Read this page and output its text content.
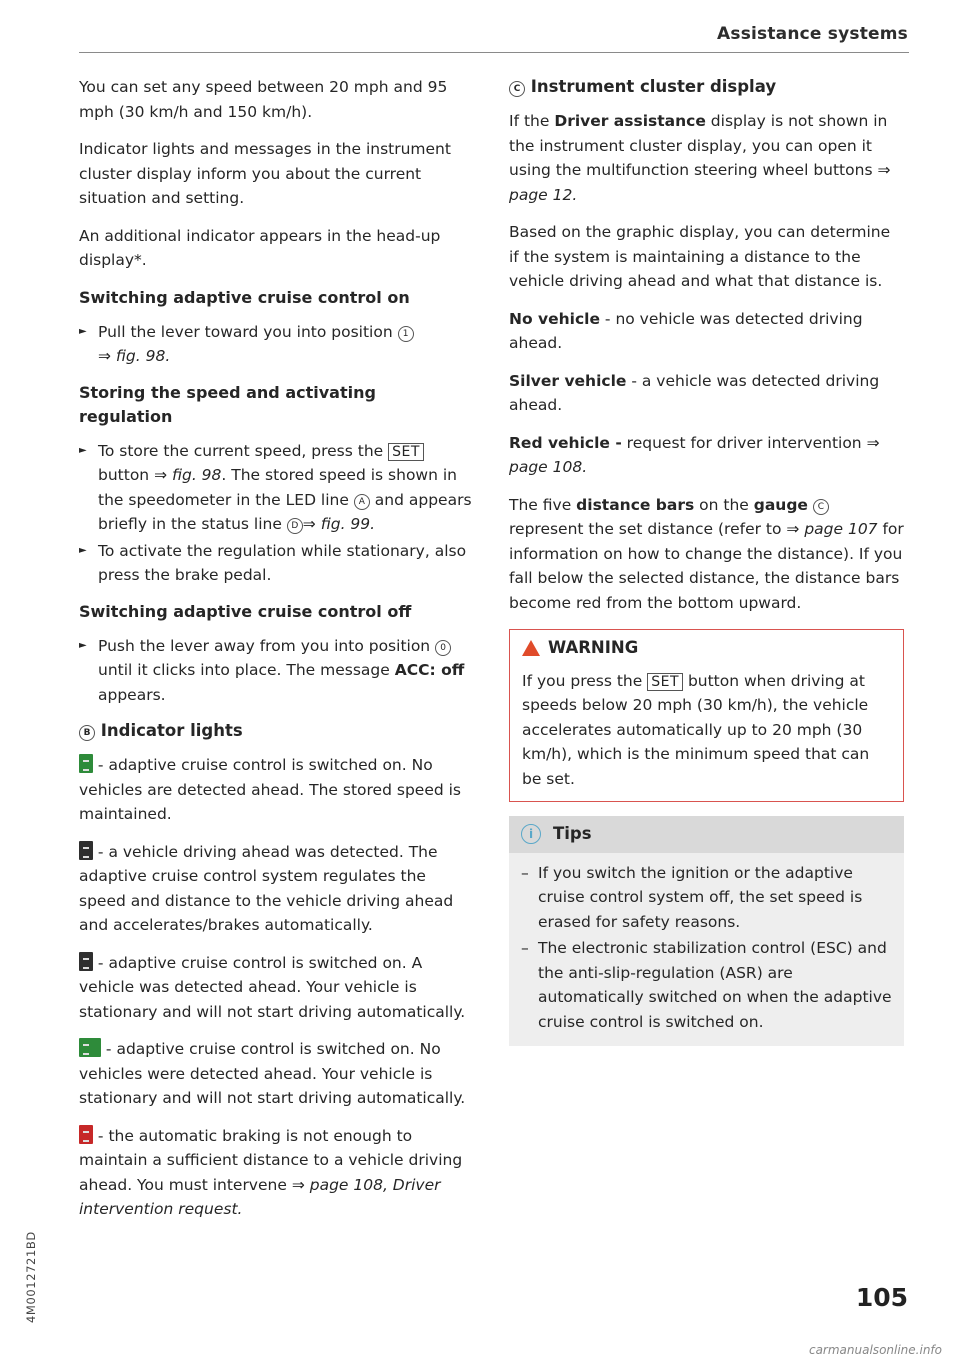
Assistance systems

You can set any speed between 20 mph and 95 mph (30 km/h and 150 km/h).

Indicator lights and messages in the instrument cluster display inform you about the current situation and setting.

An additional indicator appears in the head-up display*.

Switching adaptive cruise control on
► Pull the lever toward you into position 1
⇒ fig. 98.
Storing the speed and activating regulation
► To store the current speed, press the SET button ⇒ fig. 98. The stored speed is shown in the speedometer in the LED line A and appears briefly in the status line D ⇒ fig. 99.
► To activate the regulation while stationary, also press the brake pedal.
Switching adaptive cruise control off
► Push the lever away from you into position 0 until it clicks into place. The message ACC: off appears.
B Indicator lights

- adaptive cruise control is switched on. No vehicles are detected ahead. The stored speed is maintained.

- a vehicle driving ahead was detected. The adaptive cruise control system regulates the speed and distance to the vehicle driving ahead and accelerates/brakes automatically.

- adaptive cruise control is switched on. A vehicle was detected ahead. Your vehicle is stationary and will not start driving automatically.

- adaptive cruise control is switched on. No vehicles were detected ahead. Your vehicle is stationary and will not start driving automatically.

- the automatic braking is not enough to maintain a sufficient distance to a vehicle driving ahead. You must intervene ⇒ page 108, Driver intervention request.

C Instrument cluster display

If the Driver assistance display is not shown in the instrument cluster display, you can open it using the multifunction steering wheel buttons ⇒ page 12.

Based on the graphic display, you can determine if the system is maintaining a distance to the vehicle driving ahead and what that distance is.

No vehicle - no vehicle was detected driving ahead.

Silver vehicle - a vehicle was detected driving ahead.

Red vehicle - request for driver intervention ⇒ page 108.

The five distance bars on the gauge C represent the set distance (refer to ⇒ page 107 for information on how to change the distance). If you fall below the selected distance, the distance bars become red from the bottom upward.

WARNING
If you press the SET button when driving at speeds below 20 mph (30 km/h), the vehicle accelerates automatically up to 20 mph (30 km/h), which is the minimum speed that can be set.
i	Tips
– If you switch the ignition or the adaptive cruise control system off, the set speed is erased for safety reasons.
– The electronic stabilization control (ESC) and the anti-slip-regulation (ASR) are automatically switched on when the adaptive cruise control is switched on.
4M0012721BD	105
carmanualsonline.info
